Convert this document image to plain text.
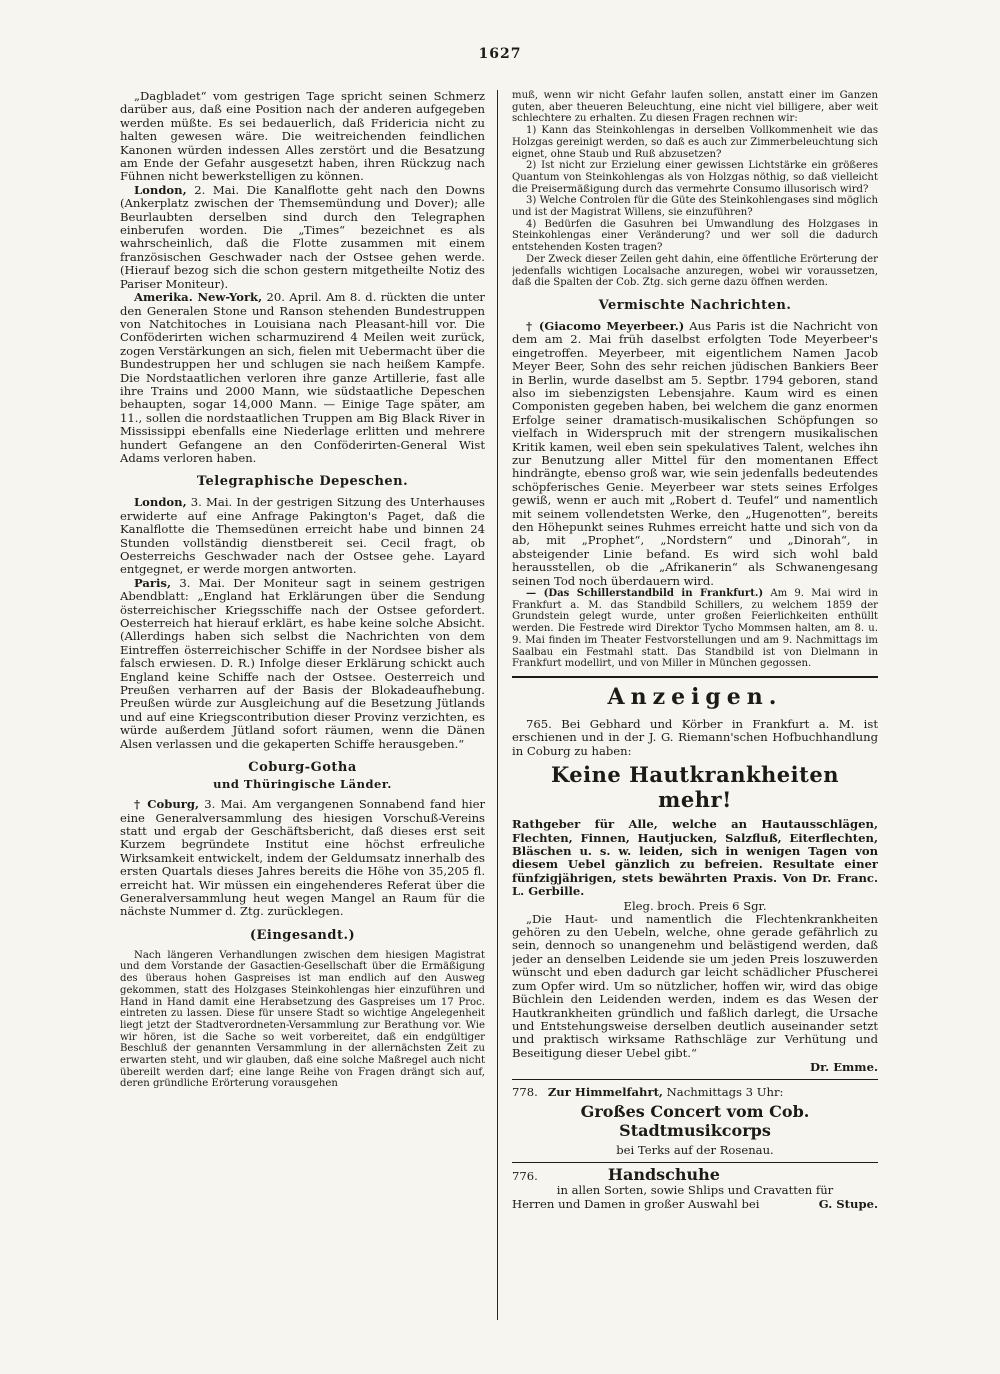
1627

„Dagbladet“ vom gestrigen Tage spricht seinen Schmerz darüber aus, daß eine Position nach der anderen aufgegeben werden müßte. Es sei bedauerlich, daß Fridericia nicht zu halten gewesen wäre. Die weitreichenden feindlichen Kanonen würden indessen Alles zerstört und die Besatzung am Ende der Gefahr ausgesetzt haben, ihren Rückzug nach Fühnen nicht bewerkstelligen zu können.

London, 2. Mai. Die Kanalflotte geht nach den Downs (Ankerplatz zwischen der Themsemündung und Dover); alle Beurlaubten derselben sind durch den Telegraphen einberufen worden. Die „Times“ bezeichnet es als wahrscheinlich, daß die Flotte zusammen mit einem französischen Geschwader nach der Ostsee gehen werde. (Hierauf bezog sich die schon gestern mitgetheilte Notiz des Pariser Moniteur).

Amerika. New-York, 20. April. Am 8. d. rückten die unter den Generalen Stone und Ranson stehenden Bundestruppen von Natchitoches in Louisiana nach Pleasant-hill vor. Die Conföderirten wichen scharmuzirend 4 Meilen weit zurück, zogen Verstärkungen an sich, fielen mit Uebermacht über die Bundestruppen her und schlugen sie nach heißem Kampfe. Die Nordstaatlichen verloren ihre ganze Artillerie, fast alle ihre Trains und 2000 Mann, wie südstaatliche Depeschen behaupten, sogar 14,000 Mann. — Einige Tage später, am 11., sollen die nordstaatlichen Truppen am Big Black River in Mississippi ebenfalls eine Niederlage erlitten und mehrere hundert Gefangene an den Conföderirten-General Wist Adams verloren haben.

Telegraphische Depeschen.

London, 3. Mai. In der gestrigen Sitzung des Unterhauses erwiderte auf eine Anfrage Pakington's Paget, daß die Kanalflotte die Themsedünen erreicht habe und binnen 24 Stunden vollständig dienstbereit sei. Cecil fragt, ob Oesterreichs Geschwader nach der Ostsee gehe. Layard entgegnet, er werde morgen antworten.

Paris, 3. Mai. Der Moniteur sagt in seinem gestrigen Abendblatt: „England hat Erklärungen über die Sendung österreichischer Kriegsschiffe nach der Ostsee gefordert. Oesterreich hat hierauf erklärt, es habe keine solche Absicht. (Allerdings haben sich selbst die Nachrichten von dem Eintreffen österreichischer Schiffe in der Nordsee bisher als falsch erwiesen. D. R.) Infolge dieser Erklärung schickt auch England keine Schiffe nach der Ostsee. Oesterreich und Preußen verharren auf der Basis der Blokadeaufhebung. Preußen würde zur Ausgleichung auf die Besetzung Jütlands und auf eine Kriegscontribution dieser Provinz verzichten, es würde außerdem Jütland sofort räumen, wenn die Dänen Alsen verlassen und die gekaperten Schiffe herausgeben.“

Coburg-Gotha
und Thüringische Länder.

† Coburg, 3. Mai. Am vergangenen Sonnabend fand hier eine Generalversammlung des hiesigen Vorschuß-Vereins statt und ergab der Geschäftsbericht, daß dieses erst seit Kurzem begründete Institut eine höchst erfreuliche Wirksamkeit entwickelt, indem der Geldumsatz innerhalb des ersten Quartals dieses Jahres bereits die Höhe von 35,205 fl. erreicht hat. Wir müssen ein eingehenderes Referat über die Generalversammlung heut wegen Mangel an Raum für die nächste Nummer d. Ztg. zurücklegen.

(Eingesandt.)

Nach längeren Verhandlungen zwischen dem hiesigen Magistrat und dem Vorstande der Gasactien-Gesellschaft über die Ermäßigung des überaus hohen Gaspreises ist man endlich auf den Ausweg gekommen, statt des Holzgases Steinkohlengas hier einzuführen und Hand in Hand damit eine Herabsetzung des Gaspreises um 17 Proc. eintreten zu lassen. Diese für unsere Stadt so wichtige Angelegenheit liegt jetzt der Stadtverordneten-Versammlung zur Berathung vor. Wie wir hören, ist die Sache so weit vorbereitet, daß ein endgültiger Beschluß der genannten Versammlung in der allernächsten Zeit zu erwarten steht, und wir glauben, daß eine solche Maßregel auch nicht übereilt werden darf; eine lange Reihe von Fragen drängt sich auf, deren gründliche Erörterung vorausgehen

muß, wenn wir nicht Gefahr laufen sollen, anstatt einer im Ganzen guten, aber theueren Beleuchtung, eine nicht viel billigere, aber weit schlechtere zu erhalten. Zu diesen Fragen rechnen wir:

1) Kann das Steinkohlengas in derselben Vollkommenheit wie das Holzgas gereinigt werden, so daß es auch zur Zimmerbeleuchtung sich eignet, ohne Staub und Ruß abzusetzen?

2) Ist nicht zur Erzielung einer gewissen Lichtstärke ein größeres Quantum von Steinkohlengas als von Holzgas nöthig, so daß vielleicht die Preisermäßigung durch das vermehrte Consumo illusorisch wird?

3) Welche Controlen für die Güte des Steinkohlengases sind möglich und ist der Magistrat Willens, sie einzuführen?

4) Bedürfen die Gasuhren bei Umwandlung des Holzgases in Steinkohlengas einer Veränderung? und wer soll die dadurch entstehenden Kosten tragen?

Der Zweck dieser Zeilen geht dahin, eine öffentliche Erörterung der jedenfalls wichtigen Localsache anzuregen, wobei wir voraussetzen, daß die Spalten der Cob. Ztg. sich gerne dazu öffnen werden.

Vermischte Nachrichten.

† (Giacomo Meyerbeer.) Aus Paris ist die Nachricht von dem am 2. Mai früh daselbst erfolgten Tode Meyerbeer's eingetroffen. Meyerbeer, mit eigentlichem Namen Jacob Meyer Beer, Sohn des sehr reichen jüdischen Bankiers Beer in Berlin, wurde daselbst am 5. Septbr. 1794 geboren, stand also im siebenzigsten Lebensjahre. Kaum wird es einen Componisten gegeben haben, bei welchem die ganz enormen Erfolge seiner dramatisch-musikalischen Schöpfungen so vielfach in Widerspruch mit der strengern musikalischen Kritik kamen, weil eben sein spekulatives Talent, welches ihn zur Benutzung aller Mittel für den momentanen Effect hindrängte, ebenso groß war, wie sein jedenfalls bedeutendes schöpferisches Genie. Meyerbeer war stets seines Erfolges gewiß, wenn er auch mit „Robert d. Teufel“ und namentlich mit seinem vollendetsten Werke, den „Hugenotten“, bereits den Höhepunkt seines Ruhmes erreicht hatte und sich von da ab, mit „Prophet“, „Nordstern“ und „Dinorah“, in absteigender Linie befand. Es wird sich wohl bald herausstellen, ob die „Afrikanerin“ als Schwanengesang seinen Tod noch überdauern wird.

— (Das Schillerstandbild in Frankfurt.) Am 9. Mai wird in Frankfurt a. M. das Standbild Schillers, zu welchem 1859 der Grundstein gelegt wurde, unter großen Feierlichkeiten enthüllt werden. Die Festrede wird Direktor Tycho Mommsen halten, am 8. u. 9. Mai finden im Theater Festvorstellungen und am 9. Nachmittags im Saalbau ein Festmahl statt. Das Standbild ist von Dielmann in Frankfurt modellirt, und von Miller in München gegossen.

Anzeigen.

765. Bei Gebhard und Körber in Frankfurt a. M. ist erschienen und in der J. G. Riemann'schen Hofbuchhandlung in Coburg zu haben:

Keine Hautkrankheiten mehr!

Rathgeber für Alle, welche an Hautausschlägen, Flechten, Finnen, Hautjucken, Salzfluß, Eiterflechten, Bläschen u. s. w. leiden, sich in wenigen Tagen von diesem Uebel gänzlich zu befreien. Resultate einer fünfzigjährigen, stets bewährten Praxis. Von Dr. Franc. L. Gerbille.

Eleg. broch. Preis 6 Sgr.

„Die Haut- und namentlich die Flechtenkrankheiten gehören zu den Uebeln, welche, ohne gerade gefährlich zu sein, dennoch so unangenehm und belästigend werden, daß jeder an denselben Leidende sie um jeden Preis loszuwerden wünscht und eben dadurch gar leicht schädlicher Pfuscherei zum Opfer wird. Um so nützlicher, hoffen wir, wird das obige Büchlein den Leidenden werden, indem es das Wesen der Hautkrankheiten gründlich und faßlich darlegt, die Ursache und Entstehungsweise derselben deutlich auseinander setzt und praktisch wirksame Rathschläge zur Verhütung und Beseitigung dieser Uebel gibt.“

Dr. Emme.
778. Zur Himmelfahrt, Nachmittags 3 Uhr:
Großes Concert vom Cob. Stadtmusikcorps
bei Terks auf der Rosenau.
776.	Handschuhe
in allen Sorten, sowie Shlips und Cravatten für
Herren und Damen in großer Auswahl bei	G. Stupe.
